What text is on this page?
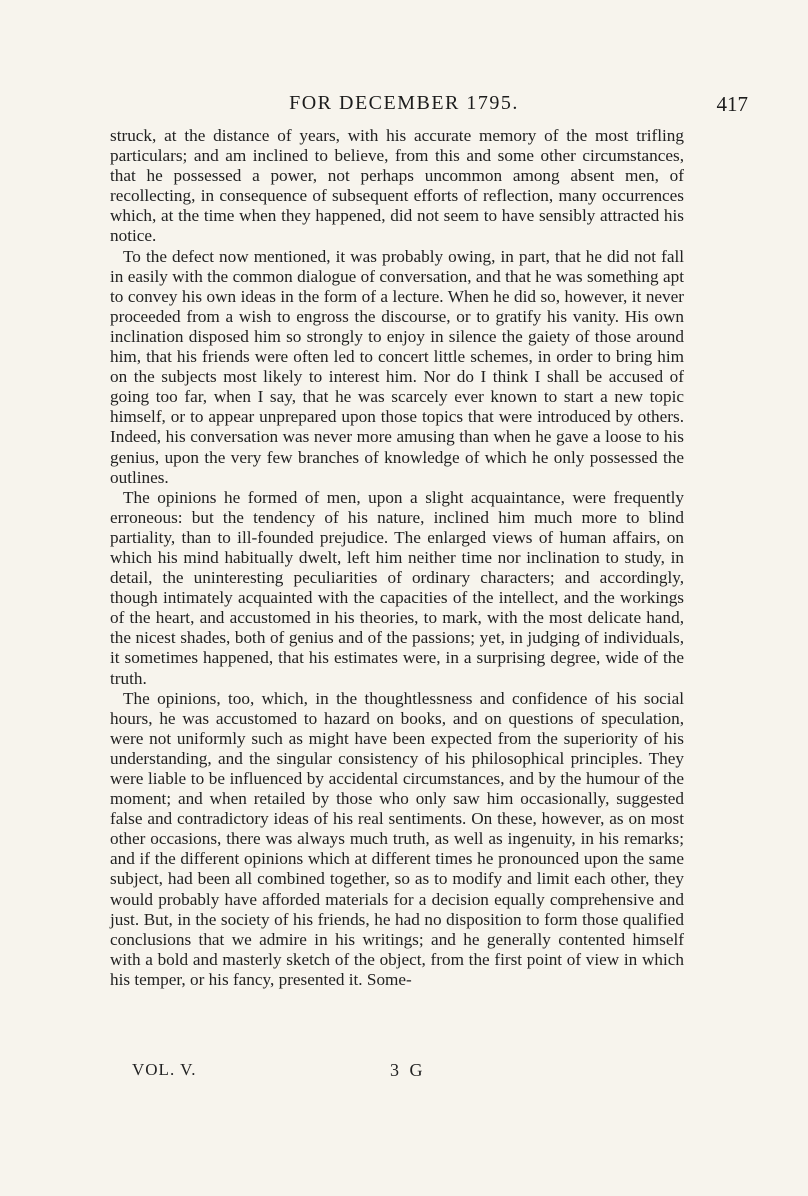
FOR DECEMBER 1795.	417

struck, at the distance of years, with his accurate memory of the most trifling particulars; and am inclined to believe, from this and some other circumstances, that he possessed a power, not perhaps uncommon among absent men, of recollecting, in consequence of subsequent efforts of reflection, many occurrences which, at the time when they happened, did not seem to have sensibly attracted his notice.

To the defect now mentioned, it was probably owing, in part, that he did not fall in easily with the common dialogue of conversation, and that he was something apt to convey his own ideas in the form of a lecture. When he did so, however, it never proceeded from a wish to engross the discourse, or to gratify his vanity. His own inclination disposed him so strongly to enjoy in silence the gaiety of those around him, that his friends were often led to concert little schemes, in order to bring him on the subjects most likely to interest him. Nor do I think I shall be accused of going too far, when I say, that he was scarcely ever known to start a new topic himself, or to appear unprepared upon those topics that were introduced by others. Indeed, his conversation was never more amusing than when he gave a loose to his genius, upon the very few branches of knowledge of which he only possessed the outlines.

The opinions he formed of men, upon a slight acquaintance, were frequently erroneous: but the tendency of his nature, inclined him much more to blind partiality, than to ill-founded prejudice. The enlarged views of human affairs, on which his mind habitually dwelt, left him neither time nor inclination to study, in detail, the uninteresting peculiarities of ordinary characters; and accordingly, though intimately acquainted with the capacities of the intellect, and the workings of the heart, and accustomed in his theories, to mark, with the most delicate hand, the nicest shades, both of genius and of the passions; yet, in judging of individuals, it sometimes happened, that his estimates were, in a surprising degree, wide of the truth.

The opinions, too, which, in the thoughtlessness and confidence of his social hours, he was accustomed to hazard on books, and on questions of speculation, were not uniformly such as might have been expected from the superiority of his understanding, and the singular consistency of his philosophical principles. They were liable to be influenced by accidental circumstances, and by the humour of the moment; and when retailed by those who only saw him occasionally, suggested false and contradictory ideas of his real sentiments. On these, however, as on most other occasions, there was always much truth, as well as ingenuity, in his remarks; and if the different opinions which at different times he pronounced upon the same subject, had been all combined together, so as to modify and limit each other, they would probably have afforded materials for a decision equally comprehensive and just. But, in the society of his friends, he had no disposition to form those qualified conclusions that we admire in his writings; and he generally contented himself with a bold and masterly sketch of the object, from the first point of view in which his temper, or his fancy, presented it. Some-

VOL. V.	3 G
